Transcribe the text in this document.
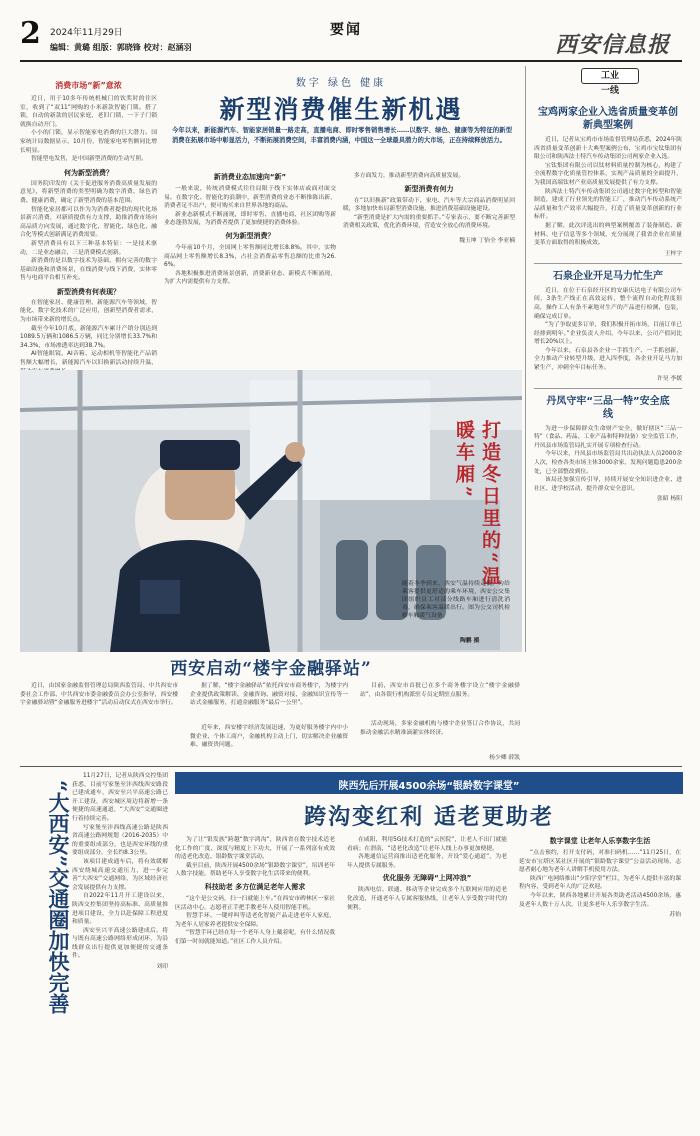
2 2024年11月29日
编辑：黄璐 组版：郭晓锋 校对：赵涵羽
要闻
西安信息报
消费市场“新”意浓
近日，用于10多年传统机械门的饮奖时的住区室，收到了“双11”网购的小米新款智能门锁。搭了锁，自动的新款的居民家庭，老旧门锁，一下子门锁就换自动开门。
小小的门锁，显示智能家电消费的巨大潜力。国家统计局数据显示，10月份，智能家电零售额同比增长明显。
智能型电发售，是中国新型消费的生动写照。
何为新型消费？
国务院印发的《关于促进服务消费高质量发展的意见》，将新型消费的类型明确为数字消费、绿色消费、健康消费，确定了新型消费的基本范围。
智能化家居都可以作为为消费者提供的现代化场景新兴消费，对新质提供有力支撑，助推消费市场向高品质方向发展，通过数字化、智能化、绿色化、融合化等模式创新满足消费需要。
新型消费具有以下三种基本特征：一是技术驱动，二是业态融合，三是消费模式创新。
新消费的是以数字技术为基础，拥有完善的数字基础设施和消费场景，在线消费与线下消费，实体零售与电商平台相互补充。
新型消费有何表现？
在智能家居、健康管理、新能源汽车等领域，智能化、数字化技术的广泛应用，创新型消费者需求，为市场带来新的增长点。
截至今年10月底，新能源汽车累计产销分别达到1089.5万辆和1086.5万辆，同比分别增长33.7%和34.3%，市场渗透率达到38.7%。
AI智能眼镜、AI音箱、运动相机等智能化产品销售额大幅增长，新能源汽车以旧换新活动持续升温，
数字 绿色 健康
新型消费催生新机遇
今年以来，新能源汽车、智能家居销量一路走高，直播电商、即时零售销售增长……以数字、绿色、健康等为特征的新型消费在拓展市场中彰显活力，不断拓展消费空间，丰富消费内涵，中国这一全球最具潜力的大市场，正在持续释放活力。
新消费业态加速向“新”
一般来说，传统消费模式往往局限于线下实体店或面对面交易。在数字化、智能化的浪潮中，新型消费的业态不断推陈出新，消费者足不出户，便可购买来自世界各地的商品。
新业态新模式不断涌现，即时零售、直播电商、社区团购等新业态蓬勃发展，为消费者提供了更加便捷的消费体验。
何为新型消费？
今年前10个月，全国网上零售额同比增长8.8%。其中，实物商品网上零售额增长8.3%，占社会消费品零售总额的比重为26.6%。
各地积极推进消费场景创新，消费新业态、新模式不断涌现，为扩大内需提供有力支撑。
多方面发力，推动新型消费向高质量发展。
新型消费有何力
在“以旧换新”政策带动下，家电、汽车等大宗商品消费明显回暖，多地加快布局新型消费设施，推进消费基础设施建设。
“新型消费是扩大内需的重要抓手。”专家表示，要不断完善新型消费相关政策，优化消费环境，营造安全放心的消费环境。
魏玉坤 丁怡全 李亚楠
工业
一线
宝鸡两家企业入选省质量变革创新典型案例
近日，记者从宝鸡市市场监督管理局获悉，2024年陕西省质量变革创新十大典型案例公布，宝鸡市宝钛集团有限公司和陕西法士特汽车传动集团公司两家企业入选。
宝钛集团有限公司以钛材料质量控制为核心，构建了全流程数字化质量管控体系，实现产品质量的全面提升，为我国高端钛材产业高质量发展提供了有力支撑。
陕西法士特汽车传动集团公司通过数字化转型和智能制造，建成了行业领先的智能工厂，推动汽车传动系统产品质量和生产效率大幅提升，打造了质量变革创新的行业标杆。
据了解，此次评选出的典型案例覆盖了装备制造、新材料、电子信息等多个领域，充分展现了我省企业在质量变革方面取得的积极成效。
王梓宇
石泉企业开足马力忙生产
近日，在位于石泉经开区的安康庆达电子有限公司车间，3条生产线正在高效运转，整个流程自动化程度很高，操作工人有条不紊地对生产的产品进行检测、包装，确保完成订单。
“为了争取更多订单，我们积极开拓市场，目前订单已经排到明年。”企业负责人介绍，今年以来，公司产值同比增长20%以上。
今年以来，石泉县各企业一手抓生产、一手抓创新，全力推动产业转型升级，进入四季度，各企业开足马力加紧生产，冲刺全年目标任务。
许昊 李媛
丹凤守牢“三品一特”安全底线
为进一步保障群众生命财产安全，做好辖区“三品一特”（食品、药品、工业产品和特种设备）安全监管工作，丹凤县市场监管局扎实开展专项检查行动。
今年以来，丹凤县市场监管局共出动执法人员2000余人次，检查各类市场主体3000余家，发现问题隐患200余处，已全部整改到位。
该局还加强宣传引导，持续开展安全知识进企业、进社区、进学校活动，提升群众安全意识。
张昭 杨阳
打造冬日里的“温暖车厢”
随着冬季到来，西安气温持续走低，为给乘客提供更舒适的乘车环境，西安公交集团组织员工对部分线路车厢进行清洗消毒，确保乘客温暖出行。图为公交司机检修车厢暖气设备。
陶鹏 摄
西安启动“楼宇金融驿站”
近日，由国家金融监督管理总局陕西监管局、中共西安市委社会工作部、中共西安市委金融委员会办公室指导，西安楼宇金融驿站暨“金融服务进楼宇”活动启动仪式在西安市举行。
据了解，“楼宇金融驿站”依托西安市商务楼宇，为楼宇内企业提供政策解读、金融咨询、融资对接、金融知识宣传等一站式金融服务，打通金融服务“最后一公里”。
近年来，西安楼宇经济发展迅速，为更好服务楼宇内中小微企业、个体工商户，金融机构主动上门，切实解决企业融资难、融资贵问题。
目前，西安市首批已在多个商务楼宇设立“楼宇金融驿站”，由各银行机构派驻专员定期驻点服务。
活动现场，多家金融机构与楼宇企业签订合作协议，共同推动金融活水精准滴灌实体经济。
杨少卿 薛凯
“大西安”交通圈加快完善
11月27日，记者从陕西交控集团获悉，目前写家堡至沣西线西安路段已建成通车，西安至兴平高速公路已开工建设，西安城区周边将新增一条便捷的高速通道，“大西安”交通圈进行着持续完善。
写家堡至沣西线高速公路是陕西省高速公路网规划（2016-2035）中的重要组成部分，也是西安环线的重要组成部分，全长约8.3公里。
该项目建成通车后，将有效缓解西安绕城高速交通压力，进一步完善“大西安”交通网络，为区域经济社会发展提供有力支撑。
自2022年11月开工建设以来，陕西交控集团坚持高标准、高质量推进项目建设，全力以赴保障工程进度和质量。
西安至兴平高速公路建成后，将与既有高速公路网络形成闭环，为沿线群众出行提供更加便捷的交通条件。
刘印
陕西先后开展4500余场“银龄数字课堂”
跨沟变红利 适老更助老
为了让“银发族”跨越“数字鸿沟”，陕西省在数字技术适老化工作的广度、深度与精度上下功夫，开展了一系列富有成效的适老化改造、银龄数字课堂活动。
截至目前，陕西开展4500余场“银龄数字课堂”，培训老年人数字技能，帮助老年人享受数字化生活带来的便利。
科技助老 多方位满足老年人需求
“这个是公交码，扫一扫就能上车。”在西安市碑林区一家社区活动中心，志愿者正手把手教老年人使用智能手机。
智慧手环、一键呼叫等适老化智能产品走进老年人家庭，为老年人居家养老提供安全保障。
“智慧手环已经在每一个老年人身上戴着呢，有什么情况我们第一时间就能知道。”社区工作人员介绍。
在咸阳，利用5G技术打造的“云医院”，让老人不出门就能看病；在渭南，“适老化改造”让老年人线上办事更加便捷。
各地通信运营商推出适老化服务，开设“爱心通道”，为老年人提供专属服务。
优化服务 无障碍“上网冲浪”
陕西电信、联通、移动等企业完成多个互联网应用的适老化改造，开通老年人专属客服热线，让老年人享受数字时代的便利。
数字课堂 让老年人乐享数字生活
“点击预约，打开支付码，对准扫码机……”11月25日，在延安市宝塔区某社区开展的“银龄数字课堂”公益活动现场，志愿者耐心地为老年人讲解手机使用方法。
陕西广电网络推出“夕阳学堂”栏目，为老年人提供丰富的课程内容，受到老年人的广泛欢迎。
今年以来，陕西各地累计开展各类助老活动4500余场，惠及老年人数十万人次，让更多老年人乐享数字生活。
苏怡
